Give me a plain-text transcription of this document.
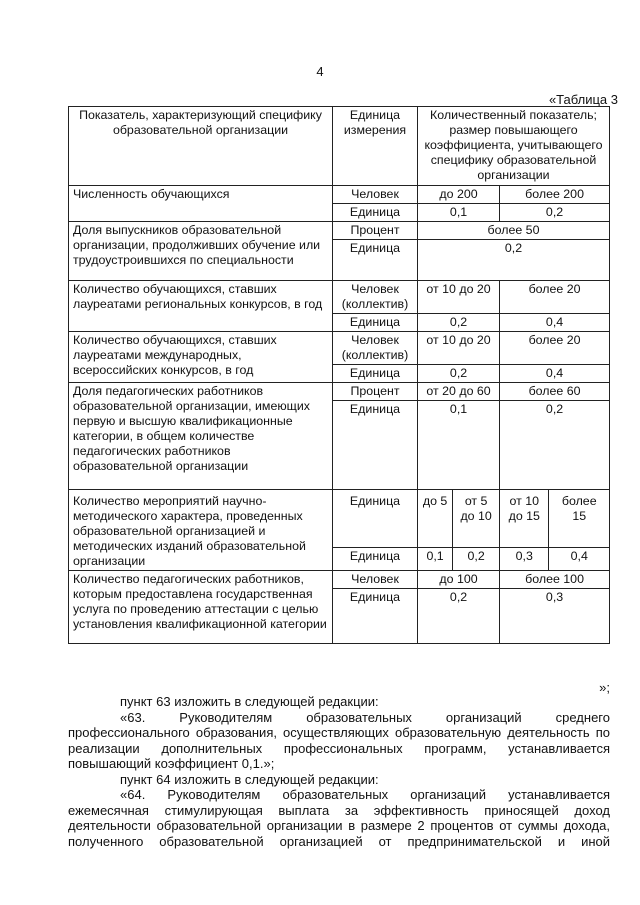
4
«Таблица 3
Показатель, характеризующий специфику образовательной организации	Единица измерения	Количественный показатель; размер повышающего коэффициента, учитывающего специфику образовательной организации			
Численность обучающихся	Человек	до 200		более 200	
	Единица	0,1		0,2	
Доля выпускников образовательной организации, продолживших обучение или трудоустроившихся по специальности	Процент	более 50			
	Единица	0,2			
Количество обучающихся, ставших лауреатами региональных конкурсов, в год	Человек (коллектив)	от 10 до 20		более 20	
	Единица	0,2		0,4	
Количество обучающихся, ставших лауреатами международных, всероссийских конкурсов, в год	Человек (коллектив)	от 10 до 20		более 20	
	Единица	0,2		0,4	
Доля педагогических работников образовательной организации, имеющих первую и высшую квалификационные категории, в общем количестве педагогических работников образовательной организации	Процент	от 20 до 60		более 60	
	Единица	0,1		0,2	
Количество мероприятий научно-методического характера, проведенных образовательной организацией и методических изданий образовательной организации	Единица	до 5	от 5 до 10	от 10 до 15	более 15
	Единица	0,1	0,2	0,3	0,4
Количество педагогических работников, которым предоставлена государственная услуга по проведению аттестации с целью установления квалификационной категории	Человек	до 100		более 100	
	Единица	0,2		0,3	
»;

пункт 63 изложить в следующей редакции:

«63. Руководителям образовательных организаций среднего профессионального образования, осуществляющих образовательную деятельность по реализации дополнительных профессиональных программ, устанавливается повышающий коэффициент 0,1.»;

пункт 64 изложить в следующей редакции:

«64. Руководителям образовательных организаций устанавливается ежемесячная стимулирующая выплата за эффективность приносящей доход деятельности образовательной организации в размере 2 процентов от суммы дохода, полученного образовательной организацией от предпринимательской и иной
